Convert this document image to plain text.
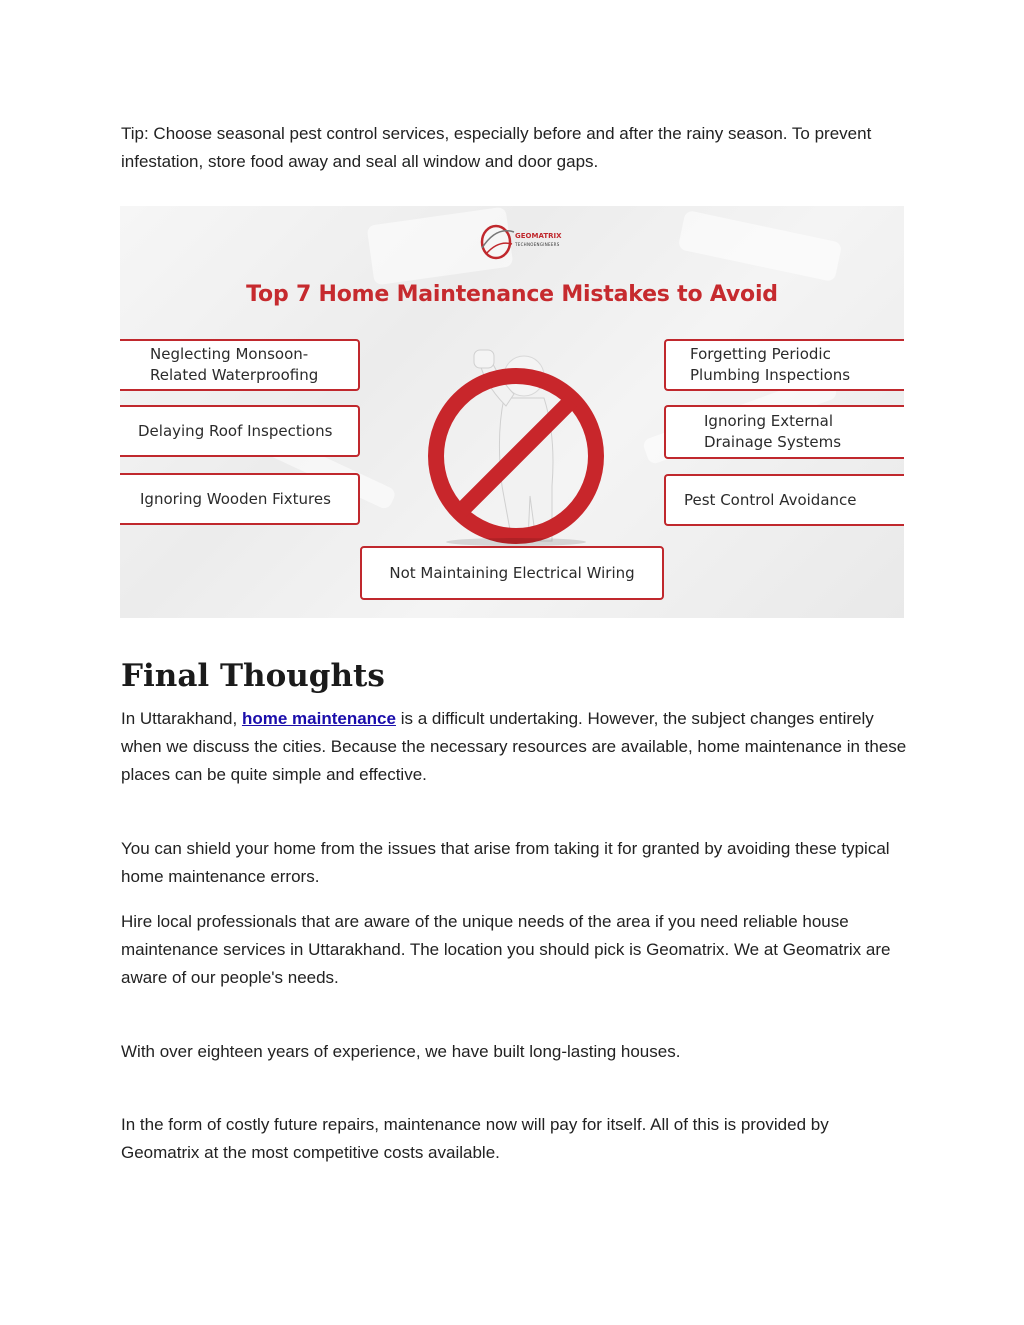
Tip: Choose seasonal pest control services, especially before and after the rainy season. To prevent infestation, store food away and seal all window and door gaps.

GEOMATRIX
TECHNOENGINEERS
Top 7 Home Maintenance Mistakes to Avoid
Neglecting Monsoon-Related Waterproofing
Delaying Roof Inspections
Ignoring Wooden Fixtures
Forgetting Periodic Plumbing Inspections
Ignoring External Drainage Systems
Pest Control Avoidance
Not Maintaining Electrical Wiring
Final Thoughts

In Uttarakhand, home maintenance is a difficult undertaking. However, the subject changes entirely when we discuss the cities. Because the necessary resources are available, home maintenance in these places can be quite simple and effective.

You can shield your home from the issues that arise from taking it for granted by avoiding these typical home maintenance errors.

Hire local professionals that are aware of the unique needs of the area if you need reliable house maintenance services in Uttarakhand. The location you should pick is Geomatrix. We at Geomatrix are aware of our people's needs.

With over eighteen years of experience, we have built long-lasting houses.

In the form of costly future repairs, maintenance now will pay for itself. All of this is provided by Geomatrix at the most competitive costs available.
